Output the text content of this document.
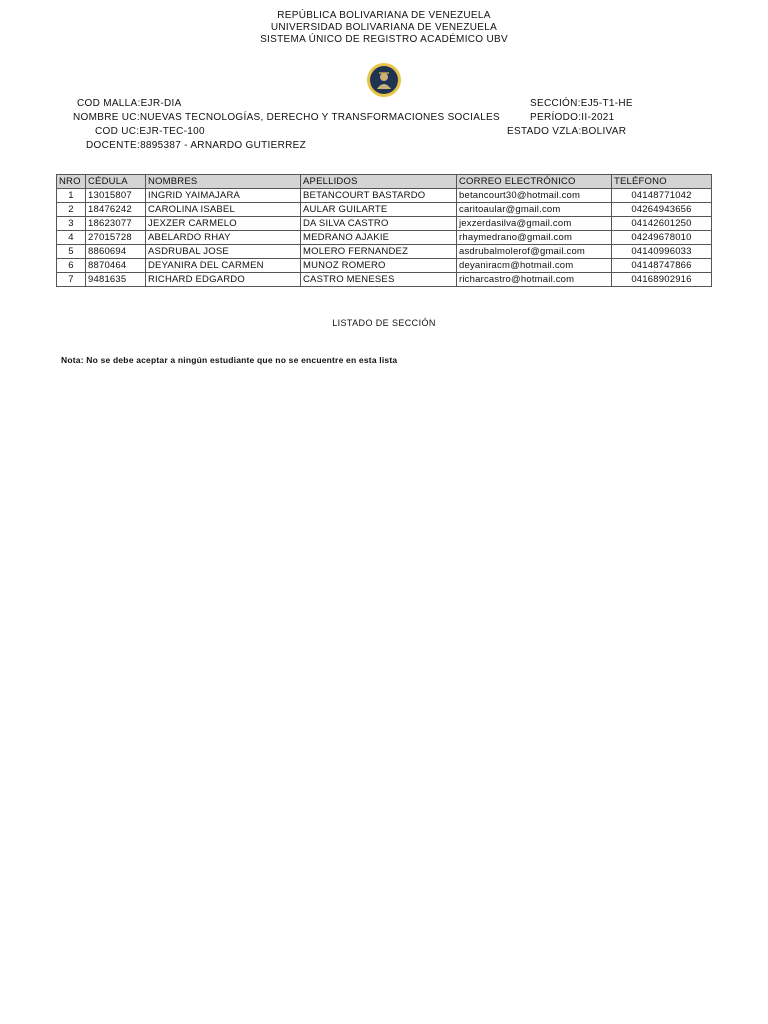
REPÚBLICA BOLIVARIANA DE VENEZUELA
UNIVERSIDAD BOLIVARIANA DE VENEZUELA
SISTEMA ÚNICO DE REGISTRO ACADÉMICO UBV
COD MALLA:EJR-DIA
NOMBRE UC:NUEVAS TECNOLOGÍAS, DERECHO Y TRANSFORMACIONES SOCIALES
COD UC:EJR-TEC-100
DOCENTE:8895387 - ARNARDO GUTIERREZ
SECCIÓN:EJ5-T1-HE
PERÍODO:II-2021
ESTADO VZLA:BOLIVAR
NRO	CÉDULA	NOMBRES	APELLIDOS	CORREO ELECTRÓNICO	TELÉFONO
1	13015807	INGRID YAIMAJARA	BETANCOURT BASTARDO	betancourt30@hotmail.com	04148771042
2	18476242	CAROLINA ISABEL	AULAR GUILARTE	caritoaular@gmail.com	04264943656
3	18623077	JEXZER CARMELO	DA SILVA CASTRO	jexzerdasilva@gmail.com	04142601250
4	27015728	ABELARDO RHAY	MEDRANO AJAKIE	rhaymedrano@gmail.com	04249678010
5	8860694	ASDRUBAL JOSE	MOLERO FERNANDEZ	asdrubalmolerof@gmail.com	04140996033
6	8870464	DEYANIRA DEL CARMEN	MUNOZ ROMERO	deyaniracm@hotmail.com	04148747866
7	9481635	RICHARD EDGARDO	CASTRO MENESES	richarcastro@hotmail.com	04168902916
LISTADO DE SECCIÓN
Nota: No se debe aceptar a ningún estudiante que no se encuentre en esta lista
